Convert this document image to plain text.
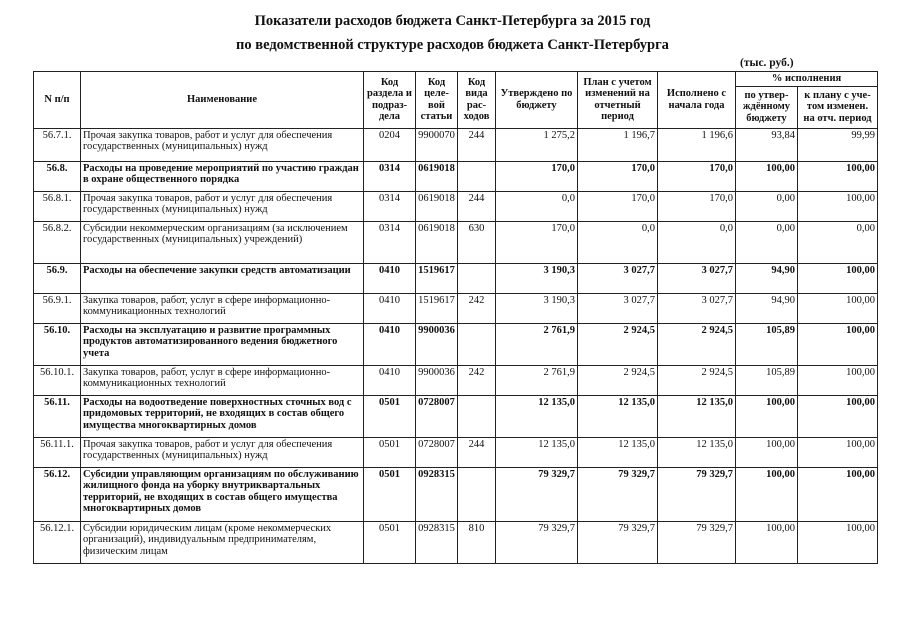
Показатели расходов бюджета Санкт-Петербурга за 2015 год
по ведомственной структуре расходов бюджета Санкт-Петербурга
(тыс. руб.)
N п/п	Наименование	Код раздела и подраз-дела	Код целе-вой статьи	Код вида рас-ходов	Утверждено по бюджету	План с учетом изменений на отчетный период	Исполнено с начала года	% исполнения	
								по утвер-ждённому бюджету	к плану с уче-том изменен. на отч. период
56.7.1.	Прочая закупка товаров, работ и услуг для обеспечения государственных (муниципальных) нужд	0204	9900070	244	1 275,2	1 196,7	1 196,6	93,84	99,99
56.8.	Расходы на проведение мероприятий по участию граждан в охране общественного порядка	0314	0619018		170,0	170,0	170,0	100,00	100,00
56.8.1.	Прочая закупка товаров, работ и услуг для обеспечения государственных (муниципальных) нужд	0314	0619018	244	0,0	170,0	170,0	0,00	100,00
56.8.2.	Субсидии некоммерческим организациям (за исключением государственных (муниципальных) учреждений)	0314	0619018	630	170,0	0,0	0,0	0,00	0,00
56.9.	Расходы на обеспечение закупки средств автоматизации	0410	1519617		3 190,3	3 027,7	3 027,7	94,90	100,00
56.9.1.	Закупка товаров, работ, услуг в сфере информационно-коммуникационных технологий	0410	1519617	242	3 190,3	3 027,7	3 027,7	94,90	100,00
56.10.	Расходы на эксплуатацию и развитие программных продуктов автоматизированного ведения бюджетного учета	0410	9900036		2 761,9	2 924,5	2 924,5	105,89	100,00
56.10.1.	Закупка товаров, работ, услуг в сфере информационно-коммуникационных технологий	0410	9900036	242	2 761,9	2 924,5	2 924,5	105,89	100,00
56.11.	Расходы на водоотведение поверхностных сточных вод с придомовых территорий, не входящих в состав общего имущества многоквартирных домов	0501	0728007		12 135,0	12 135,0	12 135,0	100,00	100,00
56.11.1.	Прочая закупка товаров, работ и услуг для обеспечения государственных (муниципальных) нужд	0501	0728007	244	12 135,0	12 135,0	12 135,0	100,00	100,00
56.12.	Субсидии управляющим организациям по обслуживанию жилищного фонда на уборку внутриквартальных территорий, не входящих в состав общего имущества многоквартирных домов	0501	0928315		79 329,7	79 329,7	79 329,7	100,00	100,00
56.12.1.	Субсидии юридическим лицам (кроме некоммерческих организаций), индивидуальным предпринимателям, физическим лицам	0501	0928315	810	79 329,7	79 329,7	79 329,7	100,00	100,00
